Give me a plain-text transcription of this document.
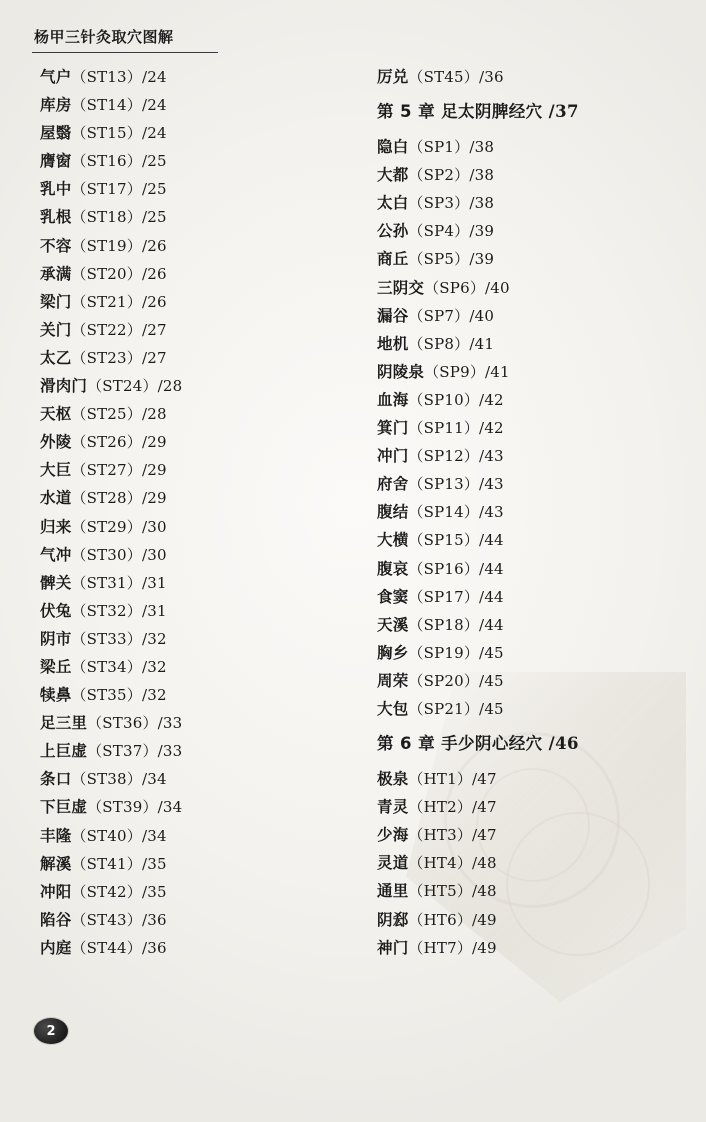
杨甲三针灸取穴图解
气户（ST13）/24
库房（ST14）/24
屋翳（ST15）/24
膺窗（ST16）/25
乳中（ST17）/25
乳根（ST18）/25
不容（ST19）/26
承满（ST20）/26
梁门（ST21）/26
关门（ST22）/27
太乙（ST23）/27
滑肉门（ST24）/28
天枢（ST25）/28
外陵（ST26）/29
大巨（ST27）/29
水道（ST28）/29
归来（ST29）/30
气冲（ST30）/30
髀关（ST31）/31
伏兔（ST32）/31
阴市（ST33）/32
梁丘（ST34）/32
犊鼻（ST35）/32
足三里（ST36）/33
上巨虚（ST37）/33
条口（ST38）/34
下巨虚（ST39）/34
丰隆（ST40）/34
解溪（ST41）/35
冲阳（ST42）/35
陷谷（ST43）/36
内庭（ST44）/36
厉兑（ST45）/36
第 5 章 足太阴脾经穴 /37
隐白（SP1）/38
大都（SP2）/38
太白（SP3）/38
公孙（SP4）/39
商丘（SP5）/39
三阴交（SP6）/40
漏谷（SP7）/40
地机（SP8）/41
阴陵泉（SP9）/41
血海（SP10）/42
箕门（SP11）/42
冲门（SP12）/43
府舍（SP13）/43
腹结（SP14）/43
大横（SP15）/44
腹哀（SP16）/44
食窦（SP17）/44
天溪（SP18）/44
胸乡（SP19）/45
周荣（SP20）/45
大包（SP21）/45
第 6 章 手少阴心经穴 /46
极泉（HT1）/47
青灵（HT2）/47
少海（HT3）/47
灵道（HT4）/48
通里（HT5）/48
阴郄（HT6）/49
神门（HT7）/49
2
